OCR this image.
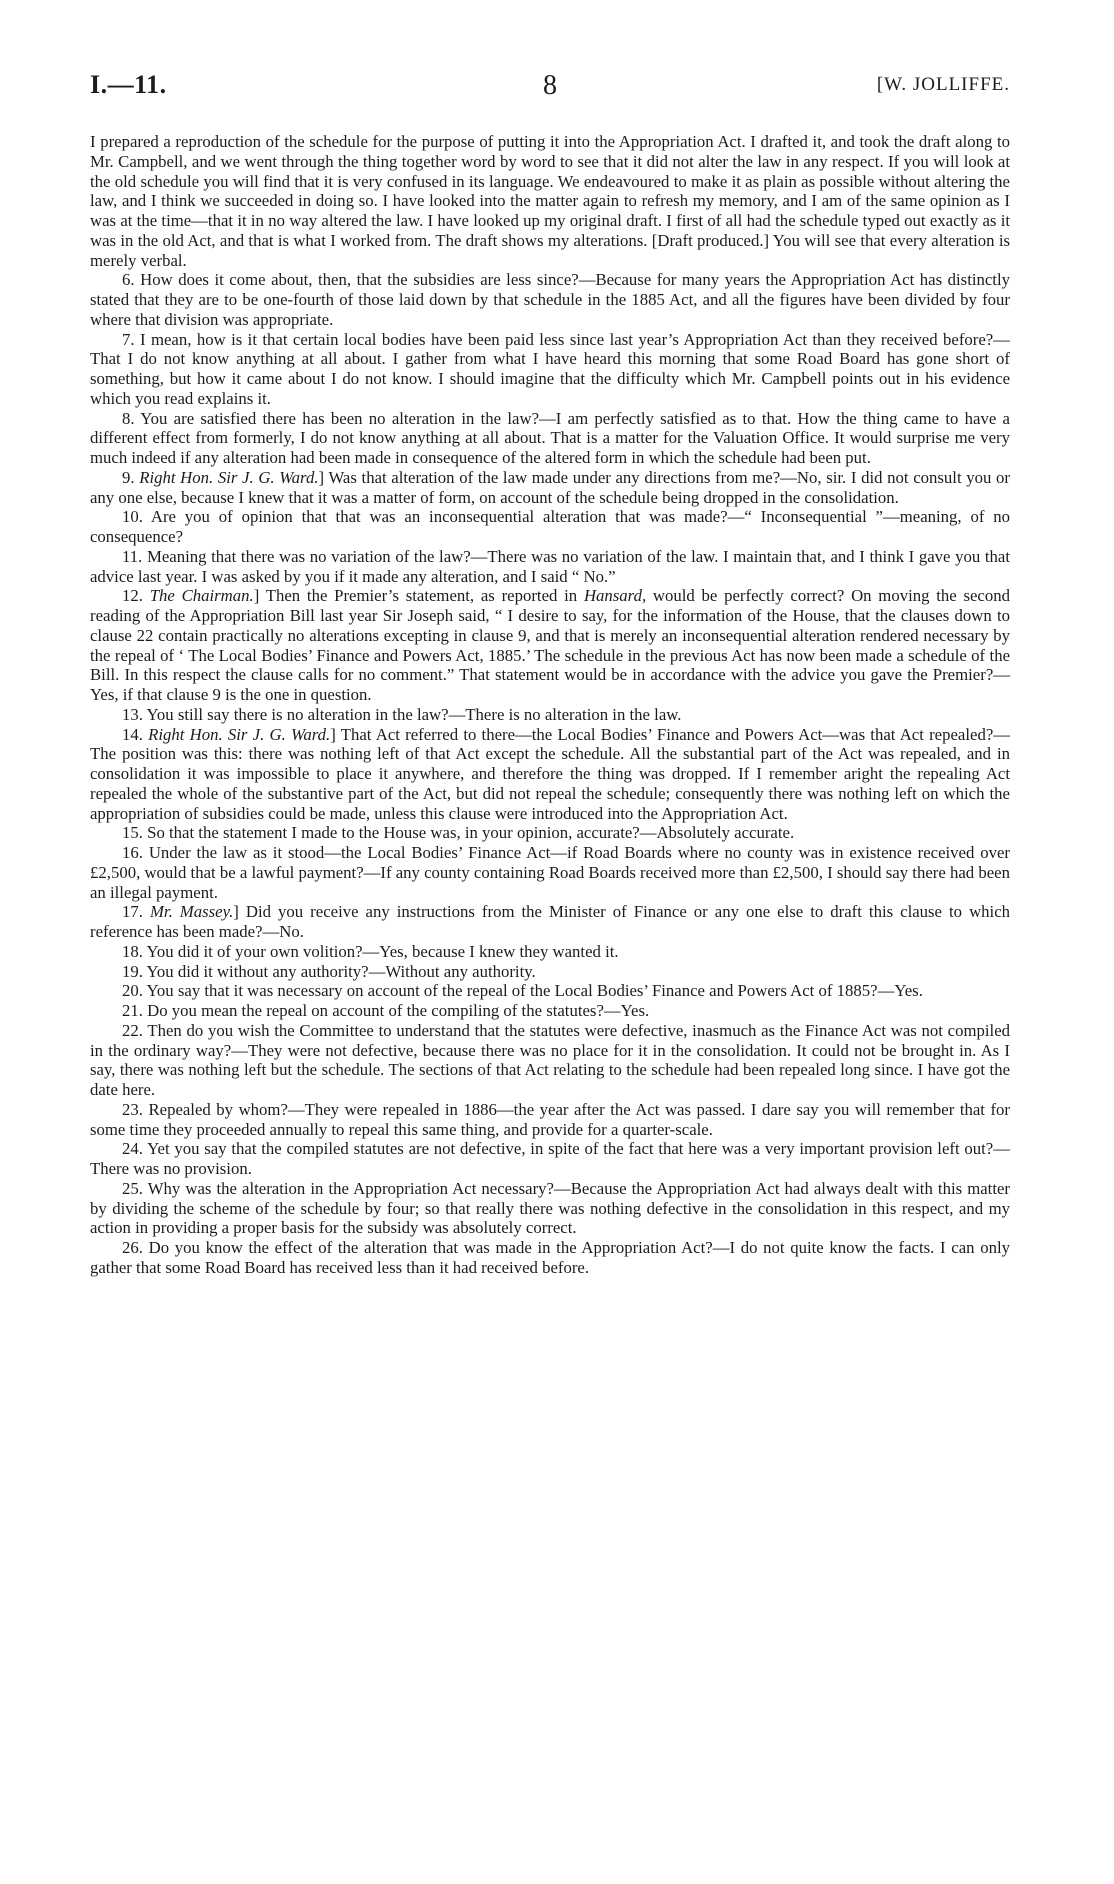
I.—11.	8	[W. JOLLIFFE.

I prepared a reproduction of the schedule for the purpose of putting it into the Appropriation Act. I drafted it, and took the draft along to Mr. Campbell, and we went through the thing together word by word to see that it did not alter the law in any respect. If you will look at the old schedule you will find that it is very confused in its language. We endeavoured to make it as plain as possible without altering the law, and I think we succeeded in doing so. I have looked into the matter again to refresh my memory, and I am of the same opinion as I was at the time—that it in no way altered the law. I have looked up my original draft. I first of all had the schedule typed out exactly as it was in the old Act, and that is what I worked from. The draft shows my alterations. [Draft produced.] You will see that every alteration is merely verbal.

6. How does it come about, then, that the subsidies are less since?—Because for many years the Appropriation Act has distinctly stated that they are to be one-fourth of those laid down by that schedule in the 1885 Act, and all the figures have been divided by four where that division was appropriate.

7. I mean, how is it that certain local bodies have been paid less since last year’s Appropriation Act than they received before?—That I do not know anything at all about. I gather from what I have heard this morning that some Road Board has gone short of something, but how it came about I do not know. I should imagine that the difficulty which Mr. Campbell points out in his evidence which you read explains it.

8. You are satisfied there has been no alteration in the law?—I am perfectly satisfied as to that. How the thing came to have a different effect from formerly, I do not know anything at all about. That is a matter for the Valuation Office. It would surprise me very much indeed if any alteration had been made in consequence of the altered form in which the schedule had been put.

9. Right Hon. Sir J. G. Ward.] Was that alteration of the law made under any directions from me?—No, sir. I did not consult you or any one else, because I knew that it was a matter of form, on account of the schedule being dropped in the consolidation.

10. Are you of opinion that that was an inconsequential alteration that was made?—“ Inconsequential ”—meaning, of no consequence?

11. Meaning that there was no variation of the law?—There was no variation of the law. I maintain that, and I think I gave you that advice last year. I was asked by you if it made any alteration, and I said “ No.”

12. The Chairman.] Then the Premier’s statement, as reported in Hansard, would be perfectly correct? On moving the second reading of the Appropriation Bill last year Sir Joseph said, “ I desire to say, for the information of the House, that the clauses down to clause 22 contain practically no alterations excepting in clause 9, and that is merely an inconsequential alteration rendered necessary by the repeal of ‘ The Local Bodies’ Finance and Powers Act, 1885.’ The schedule in the previous Act has now been made a schedule of the Bill. In this respect the clause calls for no comment.” That statement would be in accordance with the advice you gave the Premier?—Yes, if that clause 9 is the one in question.

13. You still say there is no alteration in the law?—There is no alteration in the law.

14. Right Hon. Sir J. G. Ward.] That Act referred to there—the Local Bodies’ Finance and Powers Act—was that Act repealed?—The position was this: there was nothing left of that Act except the schedule. All the substantial part of the Act was repealed, and in consolidation it was impossible to place it anywhere, and therefore the thing was dropped. If I remember aright the repealing Act repealed the whole of the substantive part of the Act, but did not repeal the schedule; consequently there was nothing left on which the appropriation of subsidies could be made, unless this clause were introduced into the Appropriation Act.

15. So that the statement I made to the House was, in your opinion, accurate?—Absolutely accurate.

16. Under the law as it stood—the Local Bodies’ Finance Act—if Road Boards where no county was in existence received over £2,500, would that be a lawful payment?—If any county containing Road Boards received more than £2,500, I should say there had been an illegal payment.

17. Mr. Massey.] Did you receive any instructions from the Minister of Finance or any one else to draft this clause to which reference has been made?—No.

18. You did it of your own volition?—Yes, because I knew they wanted it.

19. You did it without any authority?—Without any authority.

20. You say that it was necessary on account of the repeal of the Local Bodies’ Finance and Powers Act of 1885?—Yes.

21. Do you mean the repeal on account of the compiling of the statutes?—Yes.

22. Then do you wish the Committee to understand that the statutes were defective, inasmuch as the Finance Act was not compiled in the ordinary way?—They were not defective, because there was no place for it in the consolidation. It could not be brought in. As I say, there was nothing left but the schedule. The sections of that Act relating to the schedule had been repealed long since. I have got the date here.

23. Repealed by whom?—They were repealed in 1886—the year after the Act was passed. I dare say you will remember that for some time they proceeded annually to repeal this same thing, and provide for a quarter-scale.

24. Yet you say that the compiled statutes are not defective, in spite of the fact that here was a very important provision left out?—There was no provision.

25. Why was the alteration in the Appropriation Act necessary?—Because the Appropriation Act had always dealt with this matter by dividing the scheme of the schedule by four; so that really there was nothing defective in the consolidation in this respect, and my action in providing a proper basis for the subsidy was absolutely correct.

26. Do you know the effect of the alteration that was made in the Appropriation Act?—I do not quite know the facts. I can only gather that some Road Board has received less than it had received before.
